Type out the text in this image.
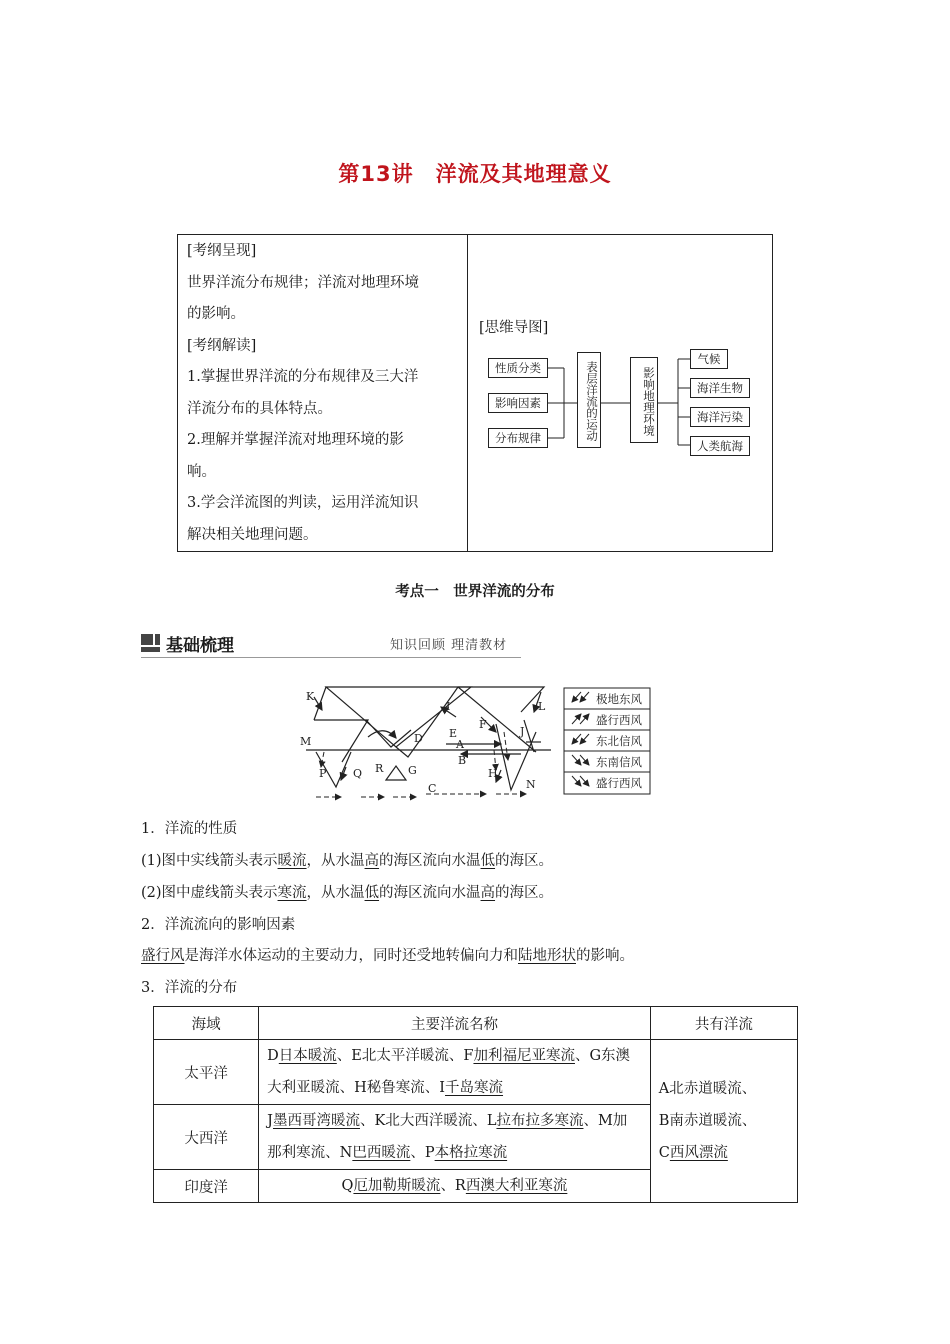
第13讲　洋流及其地理意义
[考纲呈现]
世界洋流分布规律；洋流对地理环境
的影响。
[考纲解读]
1.掌握世界洋流的分布规律及三大洋
洋流分布的具体特点。
2.理解并掌握洋流对地理环境的影
响。
3.学会洋流图的判读，运用洋流知识
解决相关地理问题。
[思维导图]
性质分类
影响因素
分布规律	表层洋流的运动	影响地理环境
气候
海洋生物
海洋污染
人类航海
考点一　世界洋流的分布
基础梳理	知识回顾 理清教材
K
I	L
F
D E
A
J
M
B
P Q R G	H
N
C
极地东风
盛行西风
东北信风
东南信风
盛行西风
1．洋流的性质
(1)图中实线箭头表示暖流，从水温高的海区流向水温低的海区。
(2)图中虚线箭头表示寒流，从水温低的海区流向水温高的海区。
2．洋流流向的影响因素
盛行风是海洋水体运动的主要动力，同时还受地转偏向力和陆地形状的影响。
3．洋流的分布
海域	主要洋流名称	共有洋流
太平洋	D日本暖流、E北太平洋暖流、F加利福尼亚寒流、G东澳大利亚暖流、H秘鲁寒流、I千岛寒流	A北赤道暖流、
B南赤道暖流、
C西风漂流

大西洋	J墨西哥湾暖流、K北大西洋暖流、L拉布拉多寒流、M加那利寒流、N巴西暖流、P本格拉寒流	
印度洋	Q厄加勒斯暖流、R西澳大利亚寒流	
